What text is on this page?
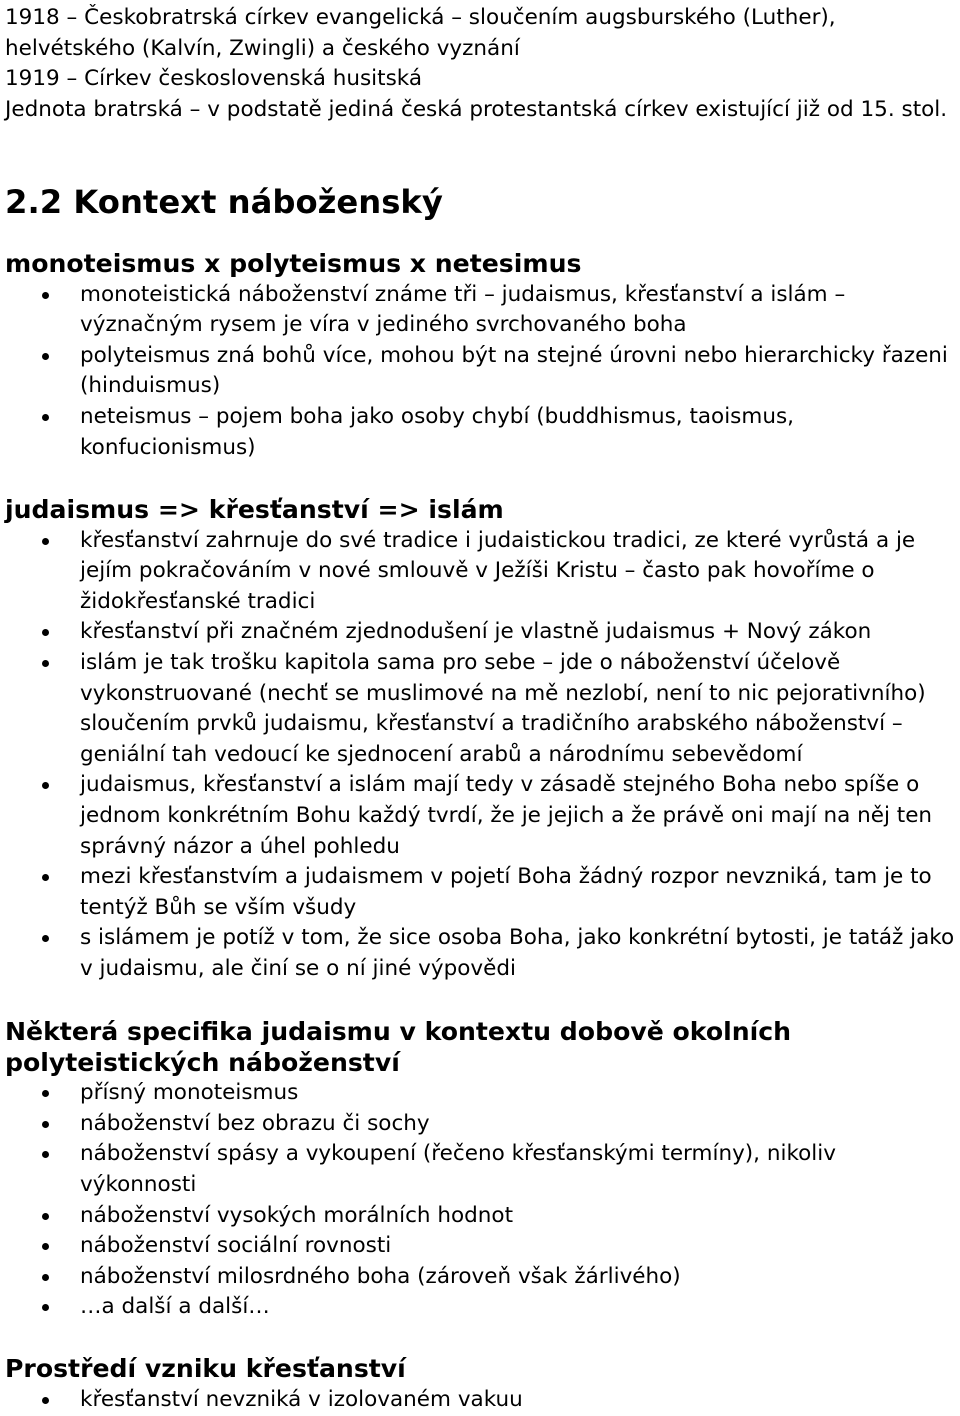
1918 – Českobratrská církev evangelická – sloučením augsburského (Luther), helvétského (Kalvín, Zwingli) a českého vyznání

1919 – Církev československá husitská

Jednota bratrská – v podstatě jediná česká protestantská církev existující již od 15. stol.

2.2 Kontext náboženský
monoteismus x polyteismus x netesimus
monoteistická náboženství známe tři – judaismus, křesťanství a islám – význačným rysem je víra v jediného svrchovaného boha
polyteismus zná bohů více, mohou být na stejné úrovni nebo hierarchicky řazeni (hinduismus)
neteismus – pojem boha jako osoby chybí (buddhismus, taoismus, konfucionismus)
judaismus => křesťanství => islám
křesťanství zahrnuje do své tradice i judaistickou tradici, ze které vyrůstá a je jejím pokračováním v nové smlouvě v Ježíši Kristu – často pak hovoříme o židokřesťanské tradici
křesťanství při značném zjednodušení je vlastně judaismus + Nový zákon
islám je tak trošku kapitola sama pro sebe – jde o náboženství účelově vykonstruované (nechť se muslimové na mě nezlobí, není to nic pejorativního) sloučením prvků judaismu, křesťanství a tradičního arabského náboženství – geniální tah vedoucí ke sjednocení arabů a národnímu sebevědomí
judaismus, křesťanství a islám mají tedy v zásadě stejného Boha nebo spíše o jednom konkrétním Bohu každý tvrdí, že je jejich a že právě oni mají na něj ten správný názor a úhel pohledu
mezi křesťanstvím a judaismem v pojetí Boha žádný rozpor nevzniká, tam je to tentýž Bůh se vším všudy
s islámem je potíž v tom, že sice osoba Boha, jako konkrétní bytosti, je tatáž jako v judaismu, ale činí se o ní jiné výpovědi
Některá specifika judaismu v kontextu dobově okolních polyteistických náboženství
přísný monoteismus
náboženství bez obrazu či sochy
náboženství spásy a vykoupení (řečeno křesťanskými termíny), nikoliv výkonnosti
náboženství vysokých morálních hodnot
náboženství sociální rovnosti
náboženství milosrdného boha (zároveň však žárlivého)
…a další a další…
Prostředí vzniku křesťanství
křesťanství nevzniká v izolovaném vakuu
